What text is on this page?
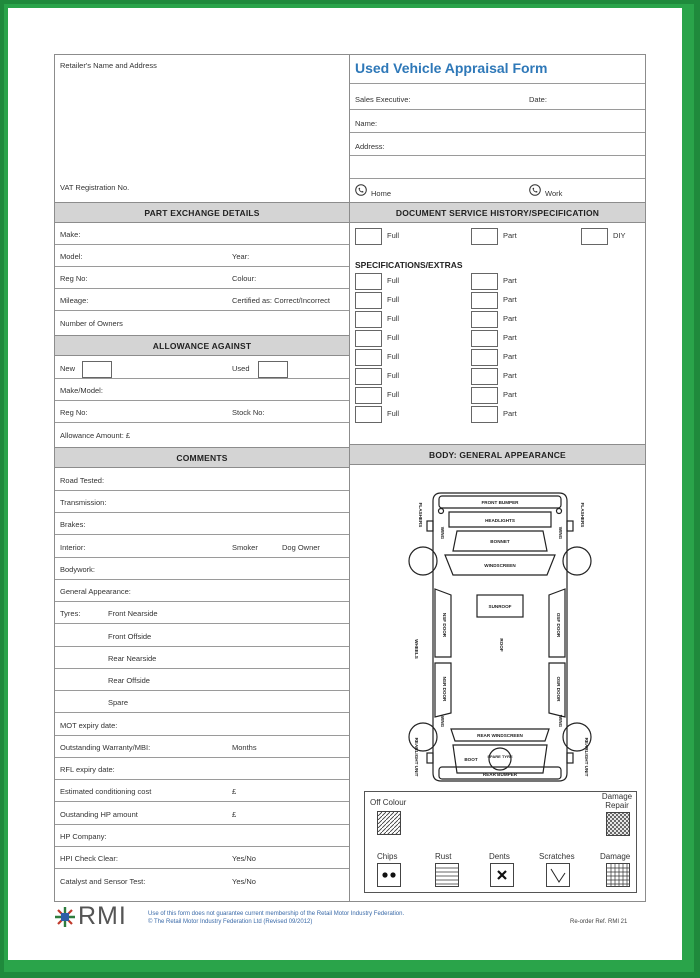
Retailer's Name and Address
VAT Registration No.
Used Vehicle Appraisal Form
Sales Executive:	Date:
Name:
Address:
Home	Work
PART EXCHANGE DETAILS
Make:
Model:	Year:
Reg No:	Colour:
Mileage:	Certified as: Correct/Incorrect
Number of Owners
ALLOWANCE AGAINST
New	Used
Make/Model:
Reg No:	Stock No:
Allowance Amount: £
COMMENTS
Road Tested:
Transmission:
Brakes:
Interior:	Smoker	Dog Owner
Bodywork:
General Appearance:
Tyres:	Front Nearside
Front Offside
Rear Nearside
Rear Offside
Spare
MOT expiry date:
Outstanding Warranty/MBI:	Months
RFL expiry date:
Estimated conditioning cost	£
Oustanding HP amount	£
HP Company:
HPI Check Clear:	Yes/No
Catalyst and Sensor Test:	Yes/No
DOCUMENT SERVICE HISTORY/SPECIFICATION
Full	Part	DIY
SPECIFICATIONS/EXTRAS
Full	Part
Full	Part
Full	Part
Full	Part
Full	Part
Full	Part
Full	Part
Full	Part
BODY: GENERAL APPEARANCE
FRONT BUMPER
HEADLIGHTS
BONNET
WINDSCREEN
SUNROOF
ROOF
NSF DOOR	OSF DOOR
NSR DOOR	OSR DOOR
REAR WINDSCREEN
BOOT
SPARE TYRE
REAR BUMPER
FLASHERS	FLASHERS
WING	WING
WING	WING
WHEELS
REARLIGHT UNIT	REARLIGHT UNIT
Off Colour
Damage Repair
Chips	Rust	Dents	Scratches	Damage
RMI	Use of this form does not guarantee current membership of the Retail Motor Industry Federation.
© The Retail Motor Industry Federation Ltd (Revised 09/2012)	Re-order Ref. RMI 21
